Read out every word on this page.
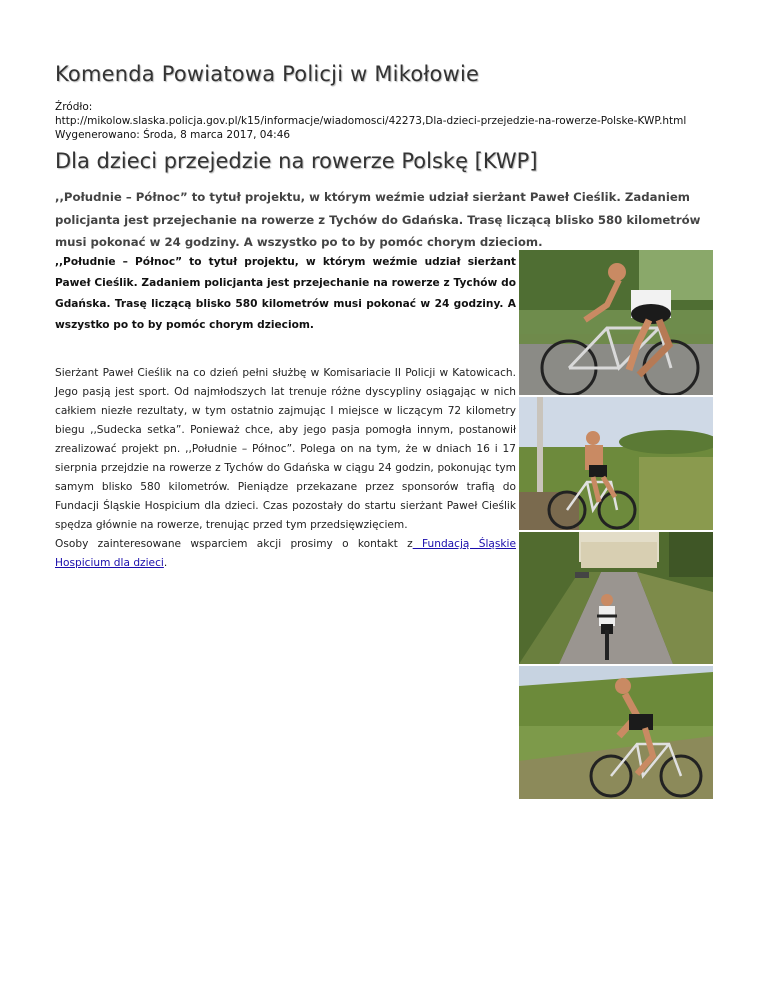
Komenda Powiatowa Policji w Mikołowie
Źródło:
http://mikolow.slaska.policja.gov.pl/k15/informacje/wiadomosci/42273,Dla-dzieci-przejedzie-na-rowerze-Polske-KWP.html
Wygenerowano: Środa, 8 marca 2017, 04:46
Dla dzieci przejedzie na rowerze Polskę [KWP]

,,Południe – Północ” to tytuł projektu, w którym weźmie udział sierżant Paweł Cieślik. Zadaniem policjanta jest przejechanie na rowerze z Tychów do Gdańska. Trasę liczącą blisko 580 kilometrów musi pokonać w 24 godziny. A wszystko po to by pomóc chorym dzieciom.

,,Południe – Północ” to tytuł projektu, w którym weźmie udział sierżant Paweł Cieślik. Zadaniem policjanta jest przejechanie na rowerze z Tychów do Gdańska. Trasę liczącą blisko 580 kilometrów musi pokonać w 24 godziny. A wszystko po to by pomóc chorym dzieciom.

Sierżant Paweł Cieślik na co dzień pełni służbę w Komisariacie II Policji w Katowicach. Jego pasją jest sport. Od najmłodszych lat trenuje różne dyscypliny osiągając w nich całkiem niezłe rezultaty, w tym ostatnio zajmując I miejsce w liczącym 72 kilometry biegu ,,Sudecka setka”. Ponieważ chce, aby jego pasja pomogła innym, postanowił zrealizować projekt pn. ,,Południe – Północ”. Polega on na tym, że w dniach 16 i 17 sierpnia przejdzie na rowerze z Tychów do Gdańska w ciągu 24 godzin, pokonując tym samym blisko 580 kilometrów. Pieniądze przekazane przez sponsorów trafią do Fundacji Śląskie Hospicium dla dzieci. Czas pozostały do startu sierżant Paweł Cieślik spędza głównie na rowerze, trenując przed tym przedsięwzięciem.
Osoby zainteresowane wsparciem akcji prosimy o kontakt z Fundacją Śląskie Hospicium dla dzieci.
